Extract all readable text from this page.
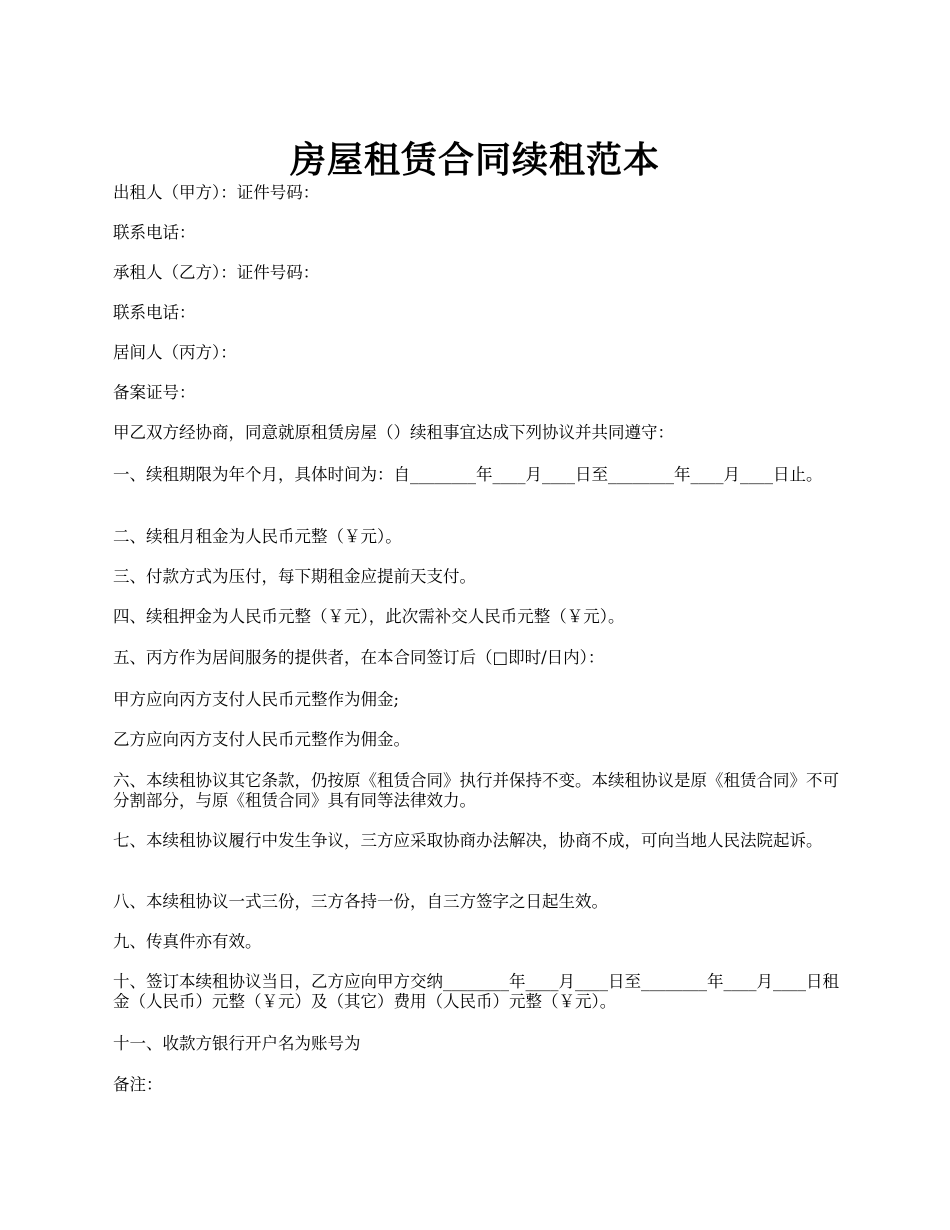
房屋租赁合同续租范本

出租人（甲方）：证件号码：

联系电话：

承租人（乙方）：证件号码：

联系电话：

居间人（丙方）：

备案证号：

甲乙双方经协商，同意就原租赁房屋（）续租事宜达成下列协议并共同遵守：

一、续租期限为年个月，具体时间为：自________年____月____日至________年____月____日止。

二、续租月租金为人民币元整（￥元）。

三、付款方式为压付，每下期租金应提前天支付。

四、续租押金为人民币元整（￥元），此次需补交人民币元整（￥元）。

五、丙方作为居间服务的提供者，在本合同签订后（□即时/日内）：

甲方应向丙方支付人民币元整作为佣金;

乙方应向丙方支付人民币元整作为佣金。

六、本续租协议其它条款，仍按原《租赁合同》执行并保持不变。本续租协议是原《租赁合同》不可分割部分，与原《租赁合同》具有同等法律效力。

七、本续租协议履行中发生争议，三方应采取协商办法解决，协商不成，可向当地人民法院起诉。

八、本续租协议一式三份，三方各持一份，自三方签字之日起生效。

九、传真件亦有效。

十、签订本续租协议当日，乙方应向甲方交纳________年____月____日至________年____月____日租金（人民币）元整（￥元）及（其它）费用（人民币）元整（￥元）。

十一、收款方银行开户名为账号为

备注：
